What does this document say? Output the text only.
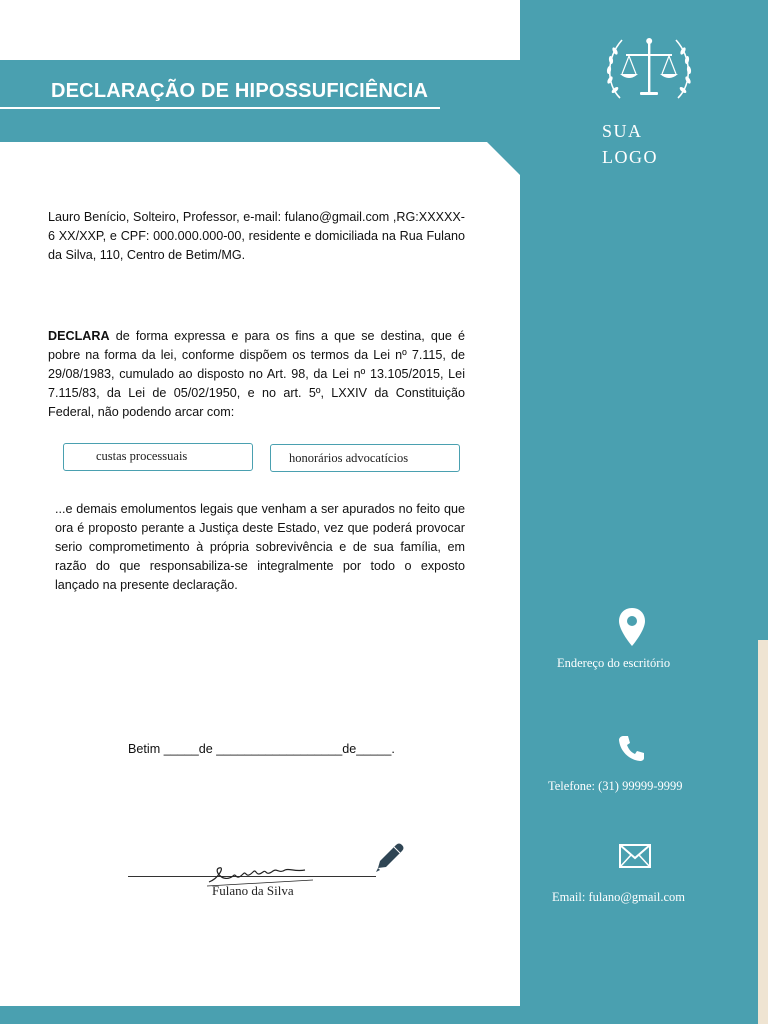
DECLARAÇÃO DE HIPOSSUFICIÊNCIA
SUA
LOGO
Lauro Benício, Solteiro, Professor, e-mail: fulano@gmail.com ,RG:XXXXX-6 XX/XXP, e CPF: 000.000.000-00, residente e domiciliada na Rua Fulano da Silva, 110, Centro de Betim/MG.
DECLARA de forma expressa e para os fins a que se destina, que é pobre na forma da lei, conforme dispõem os termos da Lei nº 7.115, de 29/08/1983, cumulado ao disposto no Art. 98, da Lei nº 13.105/2015, Lei 7.115/83, da Lei de 05/02/1950, e no art. 5º, LXXIV da Constituição Federal, não podendo arcar com:
custas processuais	honorários advocatícios
...e demais emolumentos legais que venham a ser apurados no feito que ora é proposto perante a Justiça deste Estado, vez que poderá provocar serio comprometimento à própria sobrevivência e de sua família, em razão do que responsabiliza-se integralmente por todo o exposto lançado na presente declaração.
Betim _____de __________________de_____.
Fulano da Silva
Endereço do escritório
Telefone: (31) 99999-9999
Email: fulano@gmail.com
